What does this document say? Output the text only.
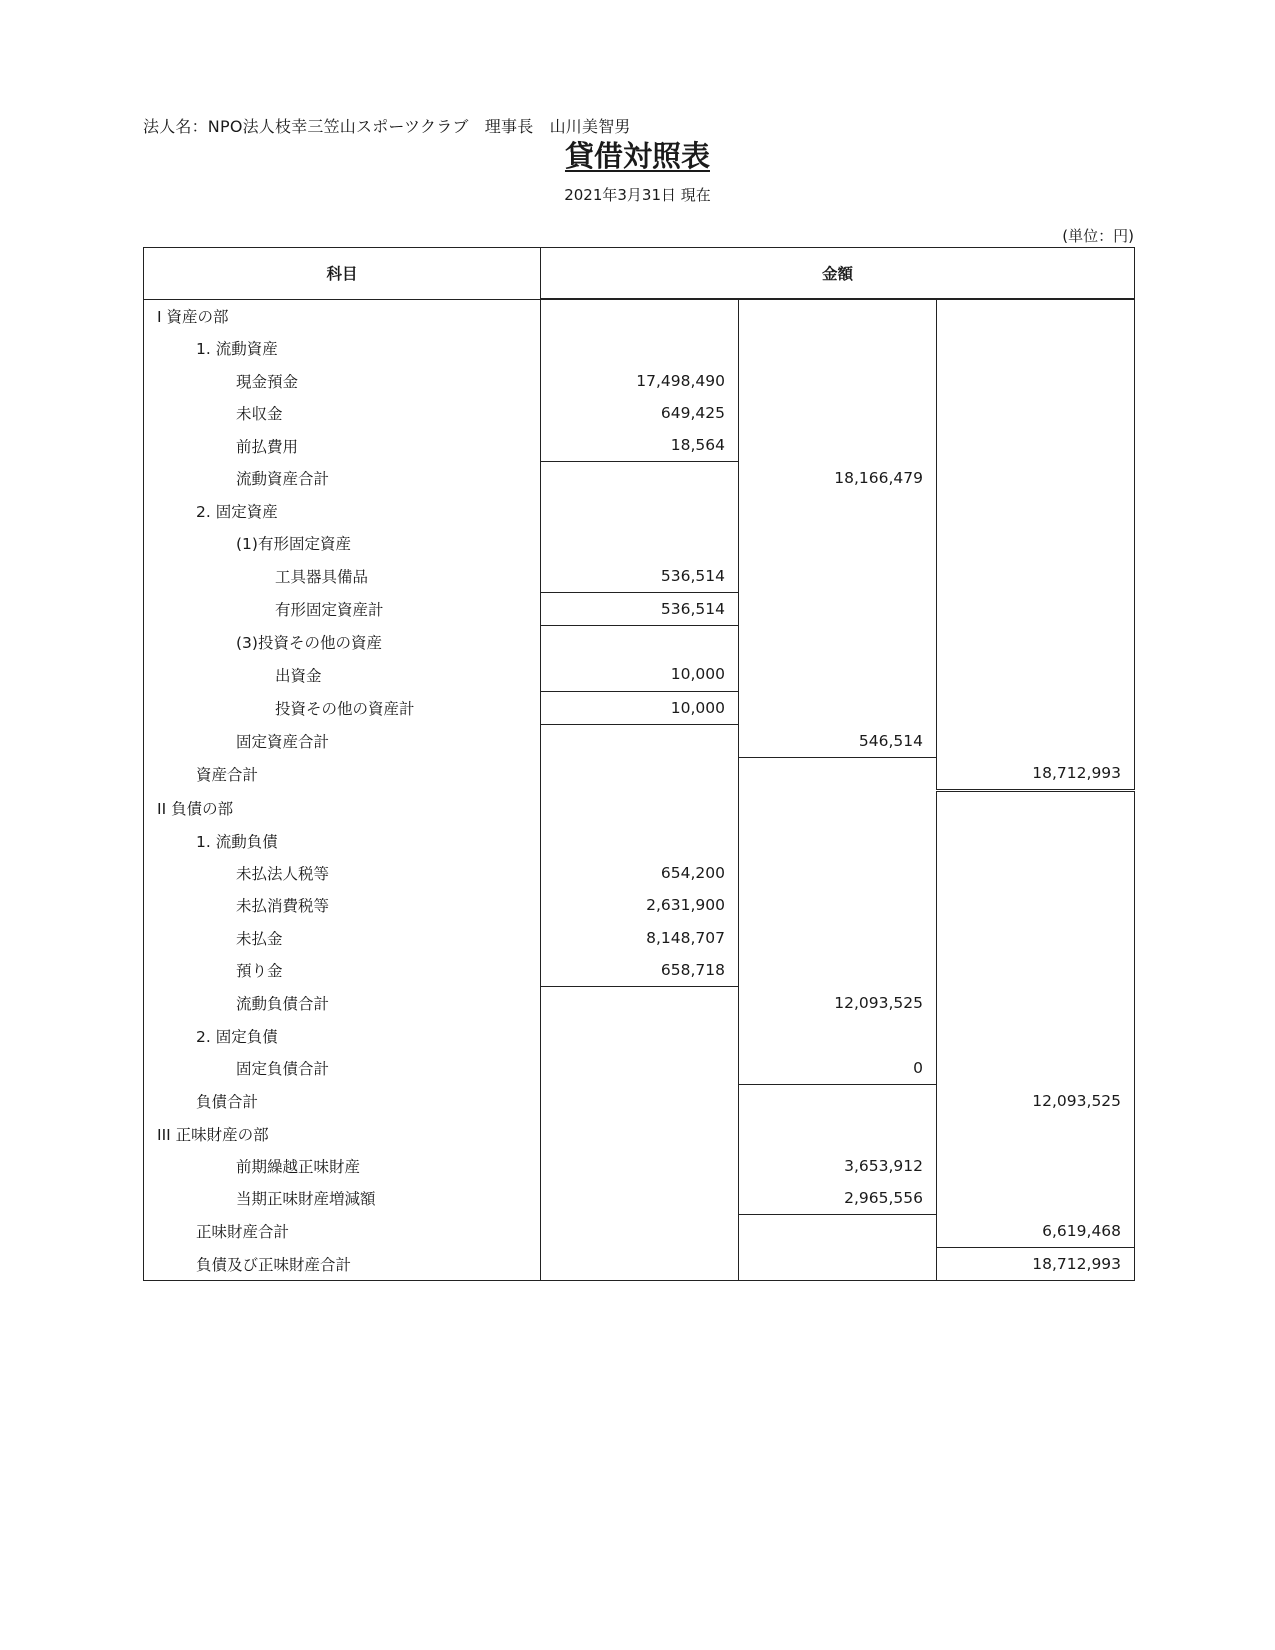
法人名：NPO法人枝幸三笠山スポーツクラブ　理事長　山川美智男
貸借対照表
2021年3月31日 現在
(単位：円)
科目	金額		
I 資産の部			
1. 流動資産			
現金預金	17,498,490		
未収金	649,425		
前払費用	18,564		
流動資産合計		18,166,479	
2. 固定資産			
(1)有形固定資産			
工具器具備品	536,514		
有形固定資産計	536,514		
(3)投資その他の資産			
出資金	10,000		
投資その他の資産計	10,000		
固定資産合計		546,514	
資産合計			18,712,993
II 負債の部			
1. 流動負債			
未払法人税等	654,200		
未払消費税等	2,631,900		
未払金	8,148,707		
預り金	658,718		
流動負債合計		12,093,525	
2. 固定負債			
固定負債合計		0	
負債合計			12,093,525
III 正味財産の部			
前期繰越正味財産		3,653,912	
当期正味財産増減額		2,965,556	
正味財産合計			6,619,468
負債及び正味財産合計			18,712,993
